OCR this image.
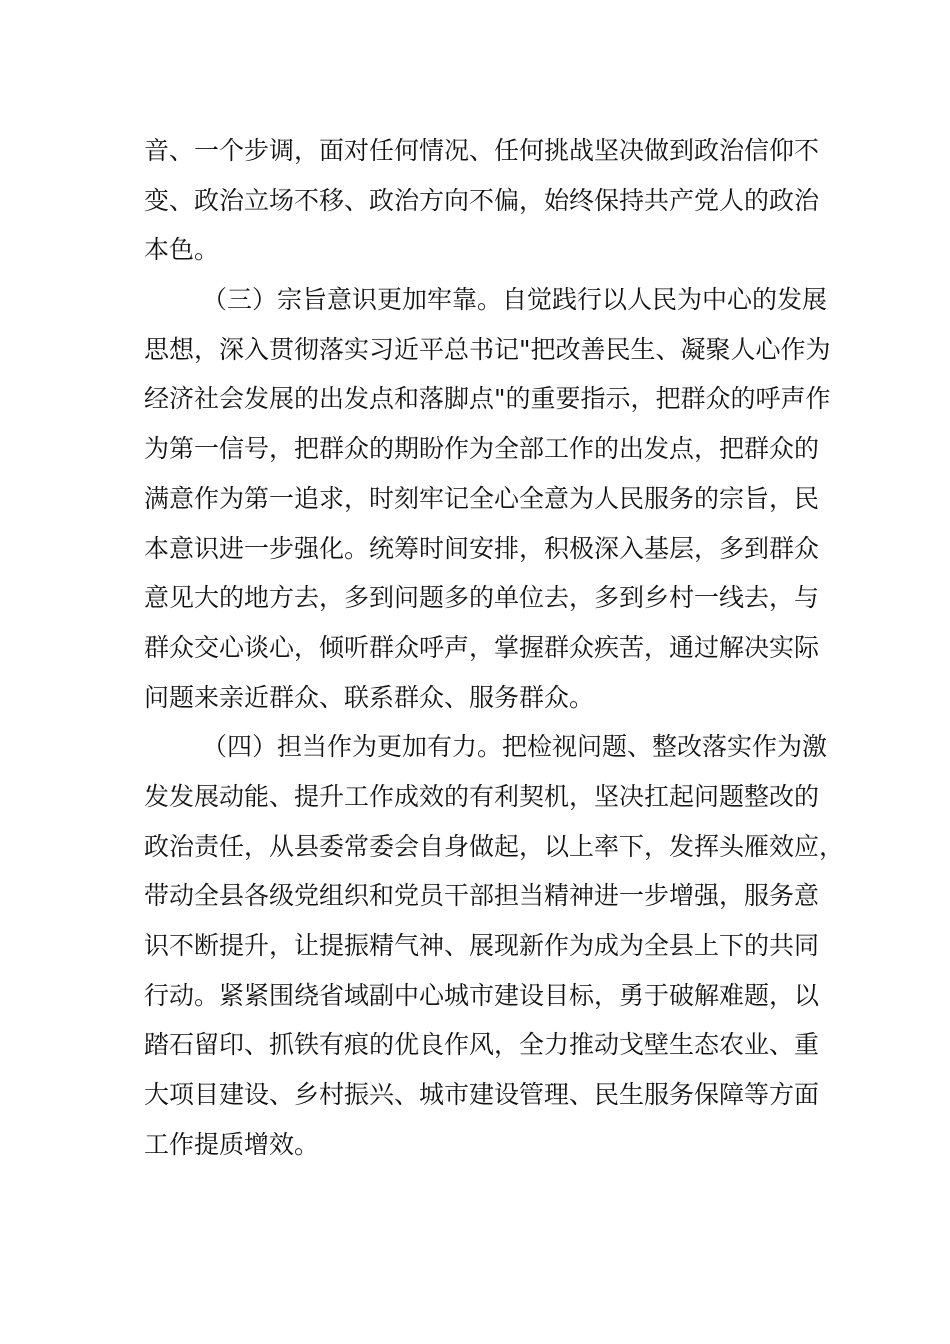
音、一个步调，面对任何情况、任何挑战坚决做到政治信仰不
变、政治立场不移、政治方向不偏，始终保持共产党人的政治
本色。
（三）宗旨意识更加牢靠。自觉践行以人民为中心的发展
思想，深入贯彻落实习近平总书记"把改善民生、凝聚人心作为
经济社会发展的出发点和落脚点"的重要指示，把群众的呼声作
为第一信号，把群众的期盼作为全部工作的出发点，把群众的
满意作为第一追求，时刻牢记全心全意为人民服务的宗旨，民
本意识进一步强化。统筹时间安排，积极深入基层，多到群众
意见大的地方去，多到问题多的单位去，多到乡村一线去，与
群众交心谈心，倾听群众呼声，掌握群众疾苦，通过解决实际
问题来亲近群众、联系群众、服务群众。
（四）担当作为更加有力。把检视问题、整改落实作为激
发发展动能、提升工作成效的有利契机，坚决扛起问题整改的
政治责任，从县委常委会自身做起，以上率下，发挥头雁效应，
带动全县各级党组织和党员干部担当精神进一步增强，服务意
识不断提升，让提振精气神、展现新作为成为全县上下的共同
行动。紧紧围绕省域副中心城市建设目标，勇于破解难题，以
踏石留印、抓铁有痕的优良作风，全力推动戈壁生态农业、重
大项目建设、乡村振兴、城市建设管理、民生服务保障等方面
工作提质增效。
